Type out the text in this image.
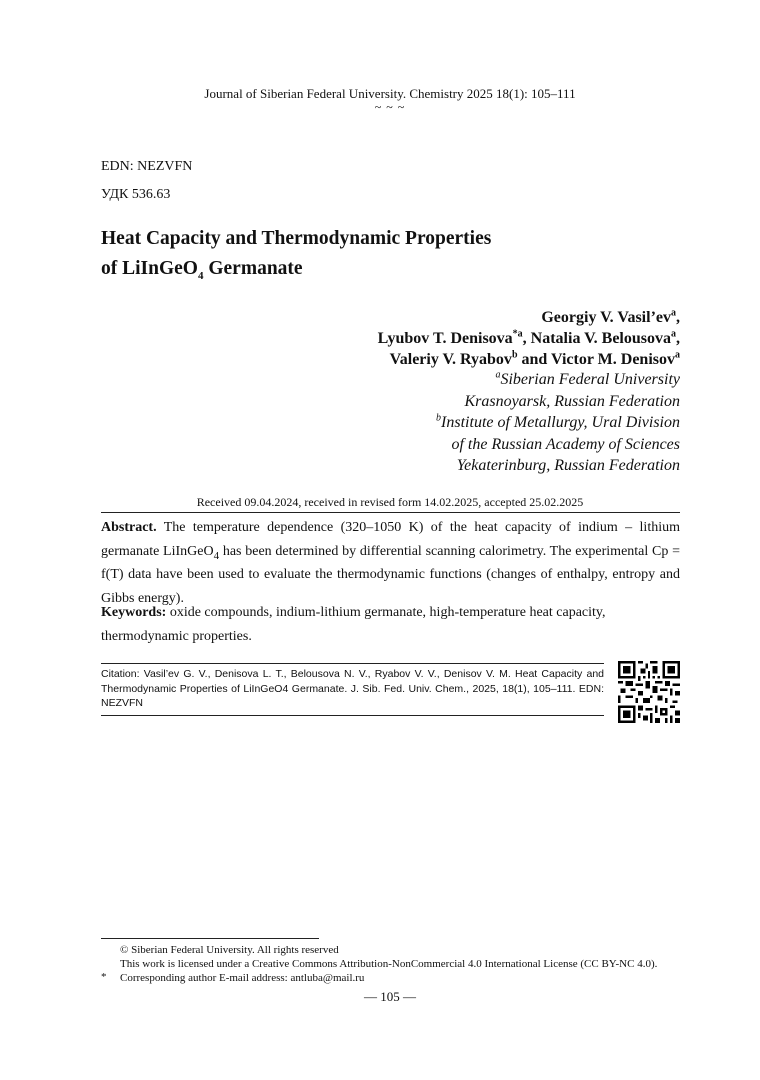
Journal of Siberian Federal University. Chemistry 2025 18(1): 105–111
~ ~ ~
EDN: NEZVFN
УДК 536.63
Heat Capacity and Thermodynamic Properties
of LiInGeO$_4$ Germanate
Georgiy V. $Vasil’ev^a$,
Lyubov T. Denisova$^{*a}$, Natalia V. Belousova$^a$,
Valeriy V. Ryabov$^b$ and Victor M. Denisov$^a$
$^a$Siberian Federal University
Krasnoyarsk, Russian Federation
$^b$Institute of Metallurgy, Ural Division
of the Russian Academy of Sciences
Yekaterinburg, Russian Federation
Received 09.04.2024, received in revised form 14.02.2025, accepted 25.02.2025
Abstract. The temperature dependence (320–1050 K) of the heat capacity of indium – lithium germanate LiInGeO$_4$ has been determined by differential scanning calorimetry. The experimental Cp = f(T) data have been used to evaluate the thermodynamic functions (changes of enthalpy, entropy and Gibbs energy).
Keywords: oxide compounds, indium-lithium germanate, high-temperature heat capacity, thermodynamic properties.
Citation: Vasil’ev G. V., Denisova L. T., Belousova N. V., Ryabov V. V., Denisov V. M. Heat Capacity and Thermodynamic Properties of LiInGeO4 Germanate. J. Sib. Fed. Univ. Chem., 2025, 18(1), 105–111. EDN: NEZVFN
© Siberian Federal University. All rights reserved
This work is licensed under a Creative Commons Attribution-NonCommercial 4.0 International License (CC BY-NC 4.0).
* Corresponding author E-mail address: antluba@mail.ru
— 105 —
